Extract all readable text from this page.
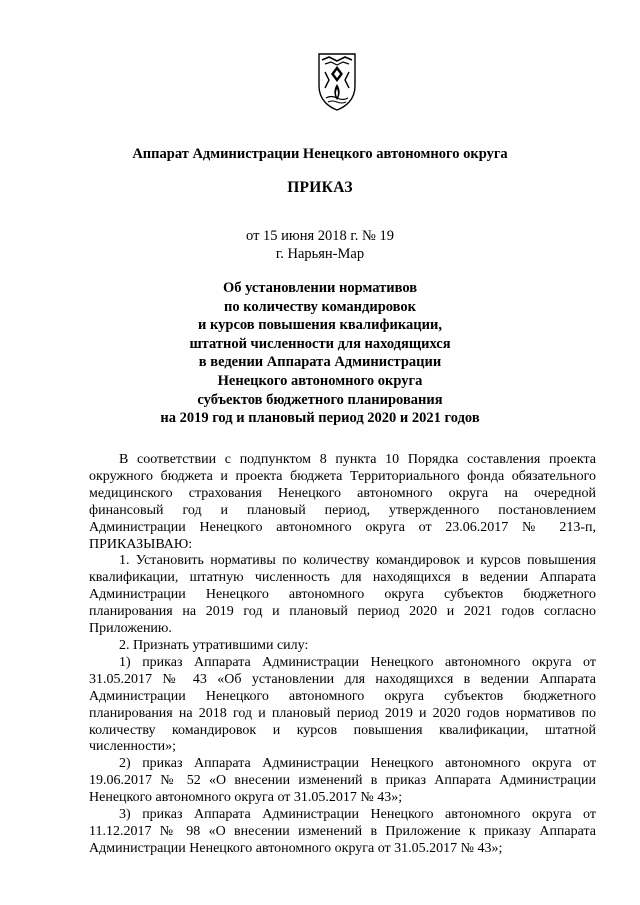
Аппарат Администрации Ненецкого автономного округа
ПРИКАЗ
от 15 июня 2018 г. № 19
г. Нарьян-Мар
Об установлении нормативов
по количеству командировок
и курсов повышения квалификации,
штатной численности для находящихся
в ведении Аппарата Администрации
Ненецкого автономного округа
субъектов бюджетного планирования
на 2019 год и плановый период 2020 и 2021 годов

В соответствии с подпунктом 8 пункта 10 Порядка составления проекта окружного бюджета и проекта бюджета Территориального фонда обязательного медицинского страхования Ненецкого автономного округа на очередной финансовый год и плановый период, утвержденного постановлением Администрации Ненецкого автономного округа от 23.06.2017 № 213-п, ПРИКАЗЫВАЮ:

1. Установить нормативы по количеству командировок и курсов повышения квалификации, штатную численность для находящихся в ведении Аппарата Администрации Ненецкого автономного округа субъектов бюджетного планирования на 2019 год и плановый период 2020 и 2021 годов согласно Приложению.

2. Признать утратившими силу:

1) приказ Аппарата Администрации Ненецкого автономного округа от 31.05.2017 № 43 «Об установлении для находящихся в ведении Аппарата Администрации Ненецкого автономного округа субъектов бюджетного планирования на 2018 год и плановый период 2019 и 2020 годов нормативов по количеству командировок и курсов повышения квалификации, штатной численности»;

2) приказ Аппарата Администрации Ненецкого автономного округа от 19.06.2017 № 52 «О внесении изменений в приказ Аппарата Администрации Ненецкого автономного округа от 31.05.2017 № 43»;

3) приказ Аппарата Администрации Ненецкого автономного округа от 11.12.2017 № 98 «О внесении изменений в Приложение к приказу Аппарата Администрации Ненецкого автономного округа от 31.05.2017 № 43»;
